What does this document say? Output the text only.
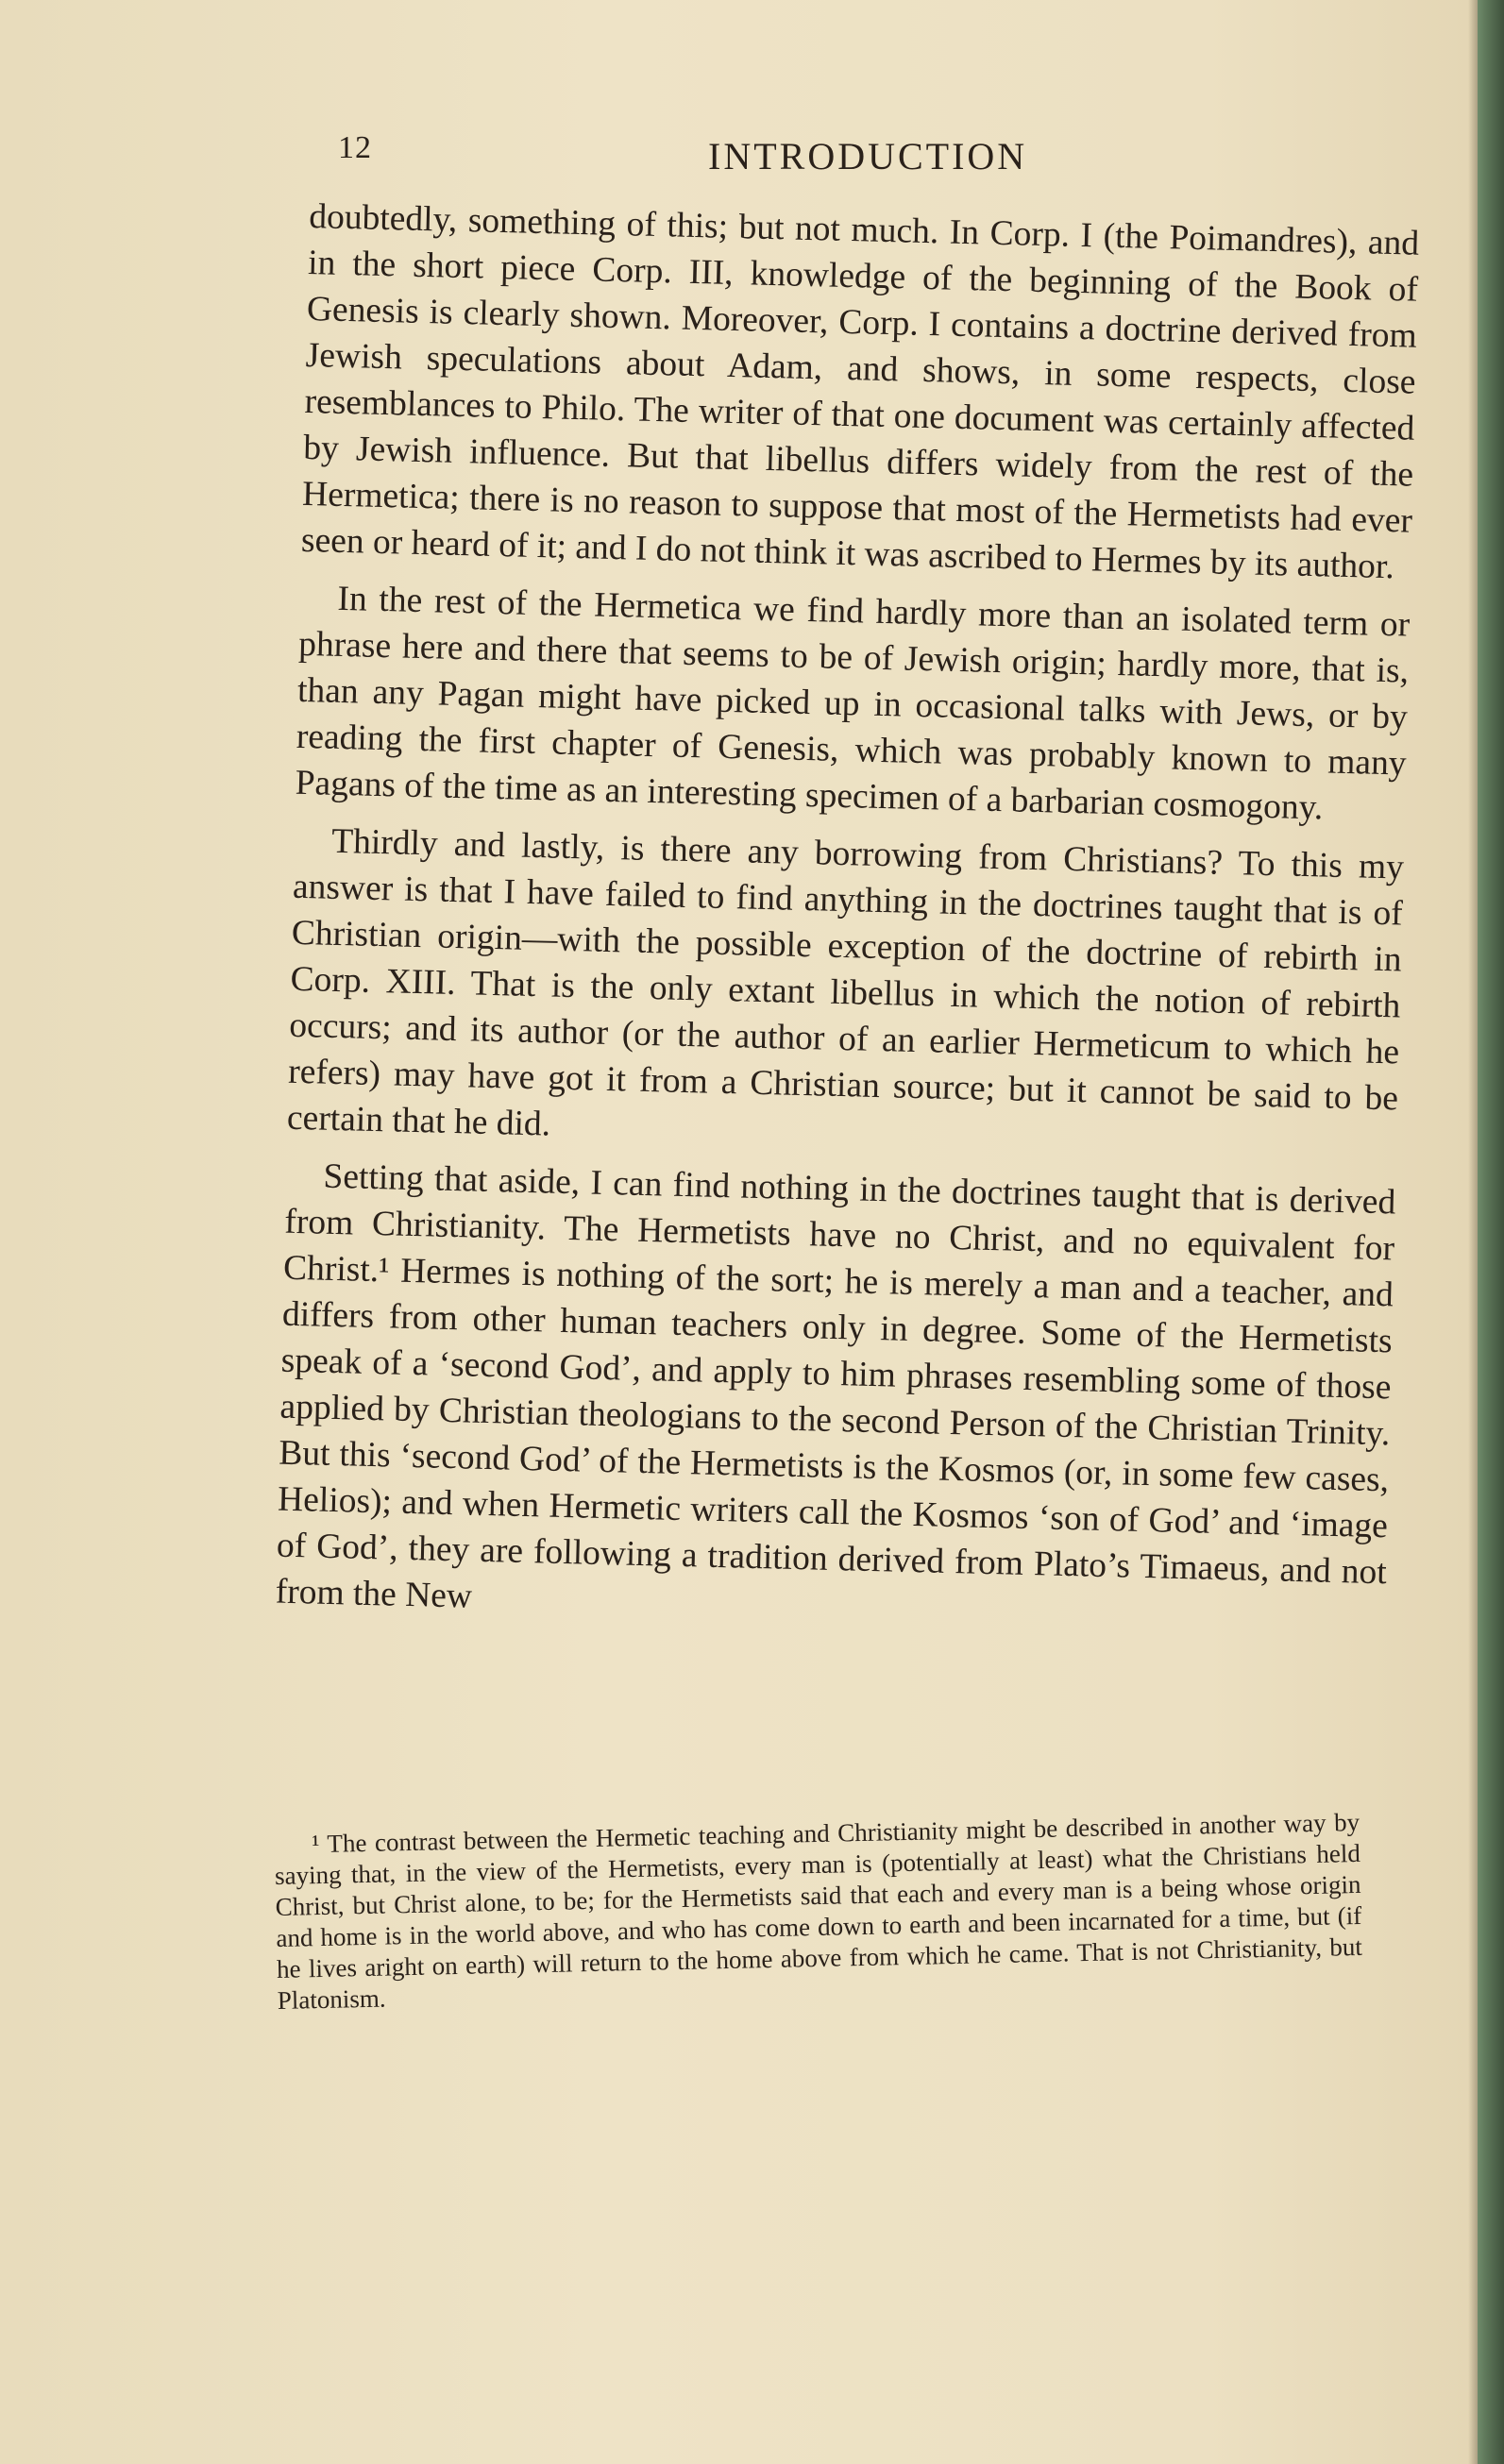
12	INTRODUCTION

doubtedly, something of this; but not much. In Corp. I (the Poimandres), and in the short piece Corp. III, knowledge of the beginning of the Book of Genesis is clearly shown. Moreover, Corp. I contains a doctrine derived from Jewish speculations about Adam, and shows, in some respects, close resemblances to Philo. The writer of that one document was certainly affected by Jewish influence. But that libellus differs widely from the rest of the Hermetica; there is no reason to suppose that most of the Hermetists had ever seen or heard of it; and I do not think it was ascribed to Hermes by its author.

In the rest of the Hermetica we find hardly more than an isolated term or phrase here and there that seems to be of Jewish origin; hardly more, that is, than any Pagan might have picked up in occasional talks with Jews, or by reading the first chapter of Genesis, which was probably known to many Pagans of the time as an interesting specimen of a barbarian cosmogony.

Thirdly and lastly, is there any borrowing from Christians? To this my answer is that I have failed to find anything in the doctrines taught that is of Christian origin—with the possible exception of the doctrine of rebirth in Corp. XIII. That is the only extant libellus in which the notion of rebirth occurs; and its author (or the author of an earlier Hermeticum to which he refers) may have got it from a Christian source; but it cannot be said to be certain that he did.

Setting that aside, I can find nothing in the doctrines taught that is derived from Christianity. The Hermetists have no Christ, and no equivalent for Christ.¹ Hermes is nothing of the sort; he is merely a man and a teacher, and differs from other human teachers only in degree. Some of the Hermetists speak of a ‘second God’, and apply to him phrases resembling some of those applied by Christian theologians to the second Person of the Christian Trinity. But this ‘second God’ of the Hermetists is the Kosmos (or, in some few cases, Helios); and when Hermetic writers call the Kosmos ‘son of God’ and ‘image of God’, they are following a tradition derived from Plato’s Timaeus, and not from the New

¹ The contrast between the Hermetic teaching and Christianity might be described in another way by saying that, in the view of the Hermetists, every man is (potentially at least) what the Christians held Christ, but Christ alone, to be; for the Hermetists said that each and every man is a being whose origin and home is in the world above, and who has come down to earth and been incarnated for a time, but (if he lives aright on earth) will return to the home above from which he came. That is not Christianity, but Platonism.
